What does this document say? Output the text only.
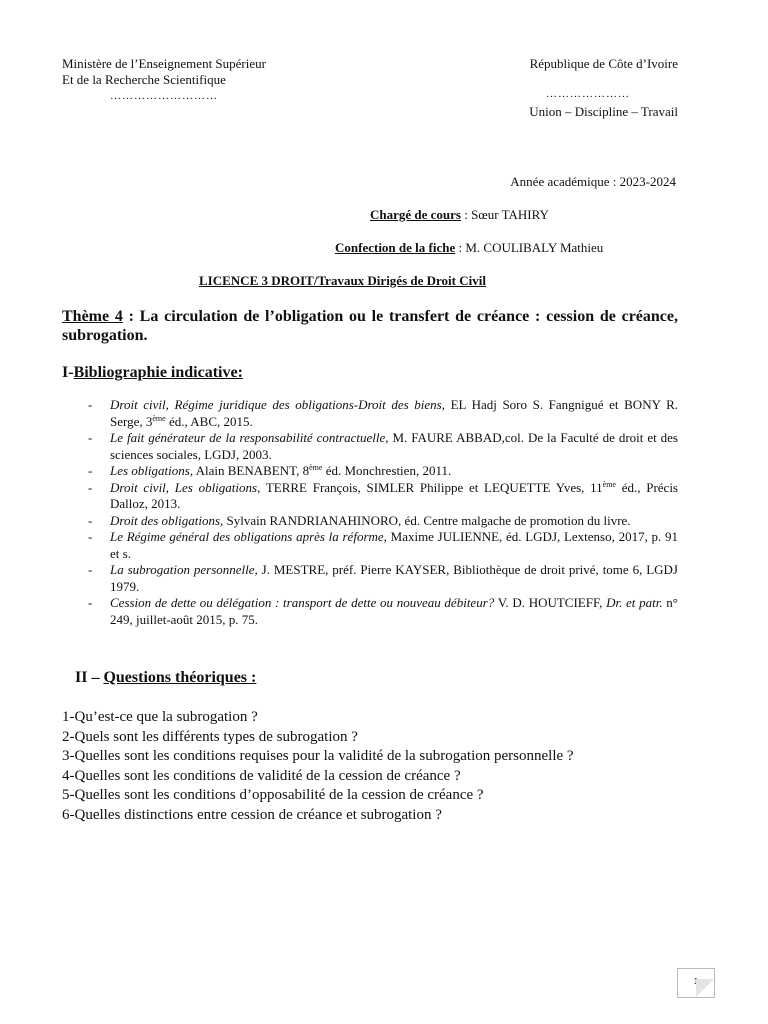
Ministère de l’Enseignement Supérieur
Et de la Recherche Scientifique
………………………
République de Côte d’Ivoire
…………………
Union – Discipline – Travail
Année académique : 2023-2024
Chargé de cours : Sœur TAHIRY
Confection de la fiche : M. COULIBALY Mathieu
LICENCE 3 DROIT/Travaux Dirigés de Droit Civil
Thème 4 : La circulation de l’obligation ou le transfert de créance : cession de créance, subrogation.
I-Bibliographie indicative:
- Droit civil, Régime juridique des obligations-Droit des biens, EL Hadj Soro S. Fangnigué et BONY R. Serge, 3ème éd., ABC, 2015.
- Le fait générateur de la responsabilité contractuelle, M. FAURE ABBAD,col. De la Faculté de droit et des sciences sociales, LGDJ, 2003.
- Les obligations, Alain BENABENT, 8ème éd. Monchrestien, 2011.
- Droit civil, Les obligations, TERRE François, SIMLER Philippe et LEQUETTE Yves, 11ème éd., Précis Dalloz, 2013.
- Droit des obligations, Sylvain RANDRIANAHINORO, éd. Centre malgache de promotion du livre.
- Le Régime général des obligations après la réforme, Maxime JULIENNE, éd. LGDJ, Lextenso, 2017, p. 91 et s.
- La subrogation personnelle, J. MESTRE, préf. Pierre KAYSER, Bibliothèque de droit privé, tome 6, LGDJ 1979.
- Cession de dette ou délégation : transport de dette ou nouveau débiteur? V. D. HOUTCIEFF, Dr. et patr. n° 249, juillet-août 2015, p. 75.
II – Questions théoriques :
1-Qu’est-ce que la subrogation ?
2-Quels sont les différents types de subrogation ?
3-Quelles sont les conditions requises pour la validité de la subrogation personnelle ?
4-Quelles sont les conditions de validité de la cession de créance ?
5-Quelles sont les conditions d’opposabilité de la cession de créance ?
6-Quelles distinctions entre cession de créance et subrogation ?
1
